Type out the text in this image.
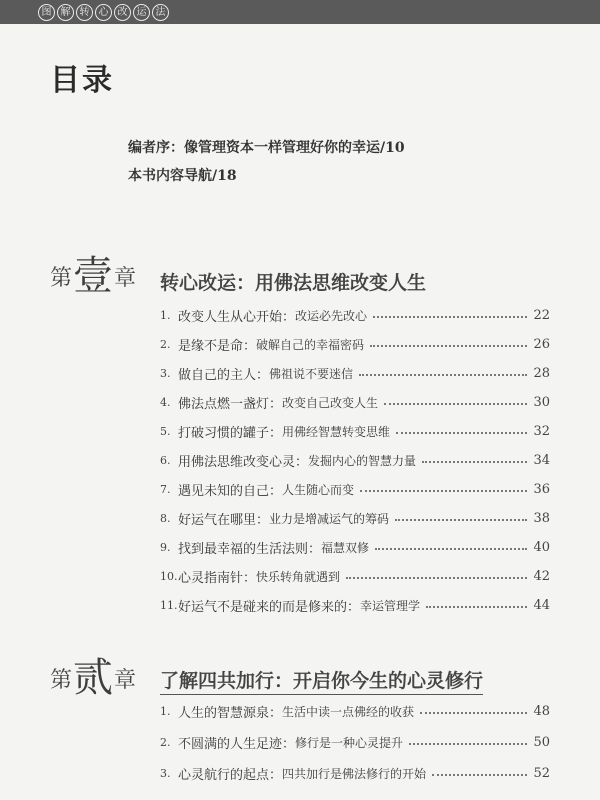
图 解 转 心 改 运 法
目录
编者序：像管理资本一样管理好你的幸运/10
本书内容导航/18
第 壹 章 转心改运：用佛法思维改变人生
1. 改变人生从心开始： 改运必先改心	22
2. 是缘不是命： 破解自己的幸福密码	26
3. 做自己的主人： 佛祖说不要迷信	28
4. 佛法点燃一盏灯： 改变自己改变人生	30
5. 打破习惯的罐子： 用佛经智慧转变思维	32
6. 用佛法思维改变心灵： 发掘内心的智慧力量	34
7. 遇见未知的自己： 人生随心而变	36
8. 好运气在哪里： 业力是增减运气的筹码	38
9. 找到最幸福的生活法则： 福慧双修	40
10. 心灵指南针： 快乐转角就遇到	42
11. 好运气不是碰来的而是修来的： 幸运管理学	44
第 贰 章 了解四共加行：开启你今生的心灵修行
1. 人生的智慧源泉： 生活中读一点佛经的收获	48
2. 不圆满的人生足迹： 修行是一种心灵提升	50
3. 心灵航行的起点： 四共加行是佛法修行的开始	52
